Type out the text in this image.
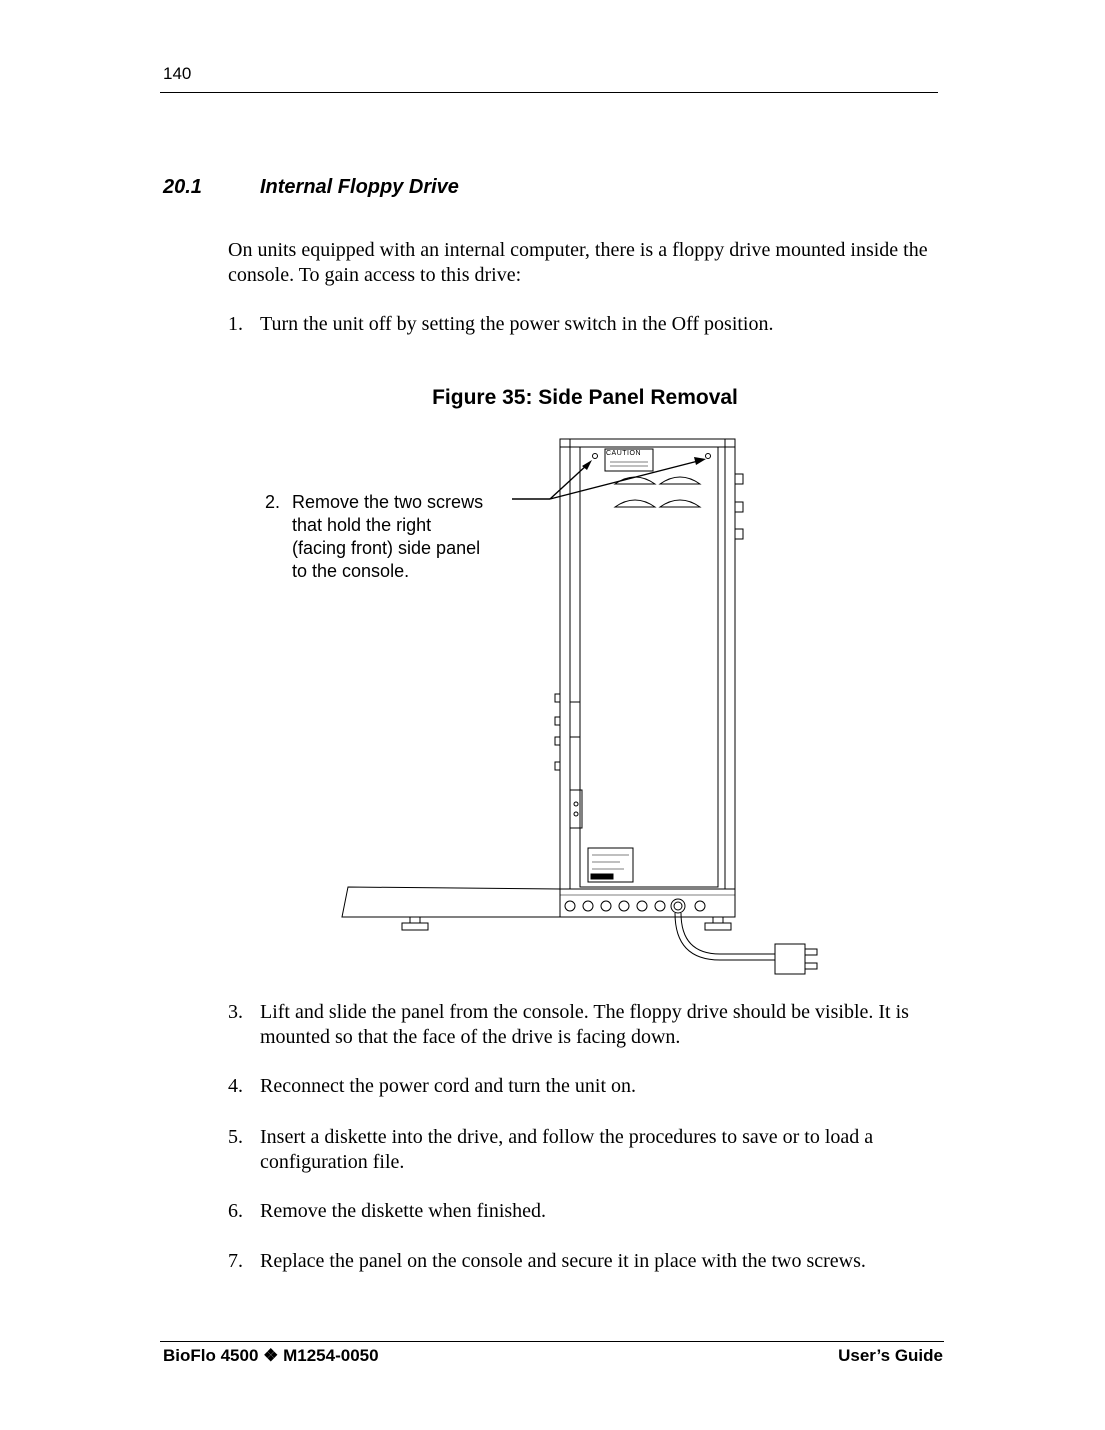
140
20.1	Internal Floppy Drive
On units equipped with an internal computer, there is a floppy drive mounted inside the console. To gain access to this drive:
1. Turn the unit off by setting the power switch in the Off position.
Figure 35: Side Panel Removal
CAUTION
2. Remove the two screws that hold the right (facing front) side panel to the console.
3. Lift and slide the panel from the console. The floppy drive should be visible. It is mounted so that the face of the drive is facing down.
4. Reconnect the power cord and turn the unit on.
5. Insert a diskette into the drive, and follow the procedures to save or to load a configuration file.
6. Remove the diskette when finished.
7. Replace the panel on the console and secure it in place with the two screws.
BioFlo 4500 ❖ M1254-0050	User’s Guide
